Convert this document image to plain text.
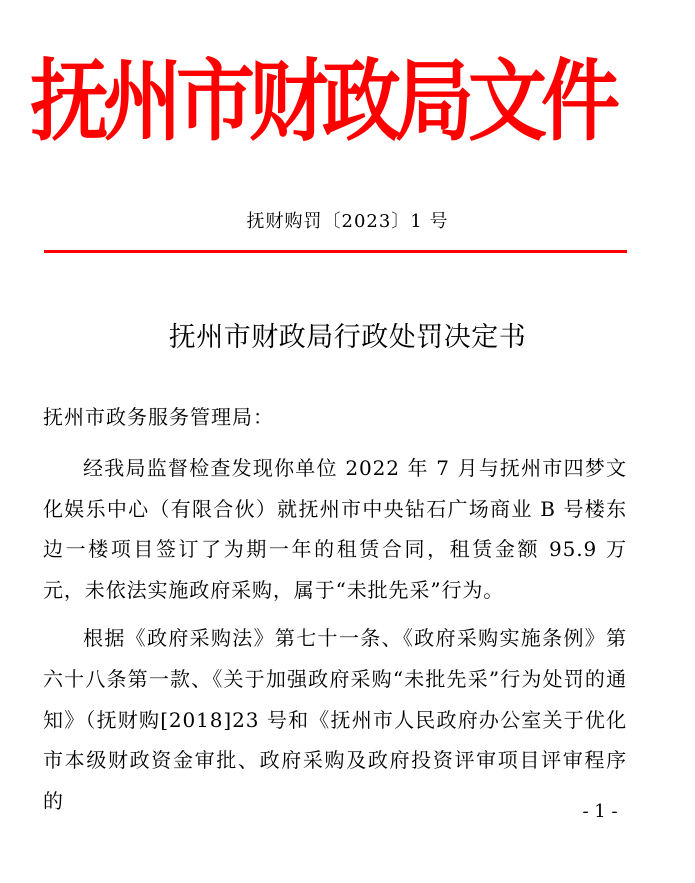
抚州市财政局文件
抚财购罚〔2023〕1 号
抚州市财政局行政处罚决定书
抚州市政务服务管理局：

经我局监督检查发现你单位 2022 年 7 月与抚州市四梦文化娱乐中心（有限合伙）就抚州市中央钻石广场商业 B 号楼东边一楼项目签订了为期一年的租赁合同，租赁金额 95.9 万元，未依法实施政府采购，属于“未批先采”行为。

根据《政府采购法》第七十一条、《政府采购实施条例》第六十八条第一款、《关于加强政府采购“未批先采”行为处罚的通知》（抚财购[2018]23 号和《抚州市人民政府办公室关于优化市本级财政资金审批、政府采购及政府投资评审项目评审程序的	- 1 -
